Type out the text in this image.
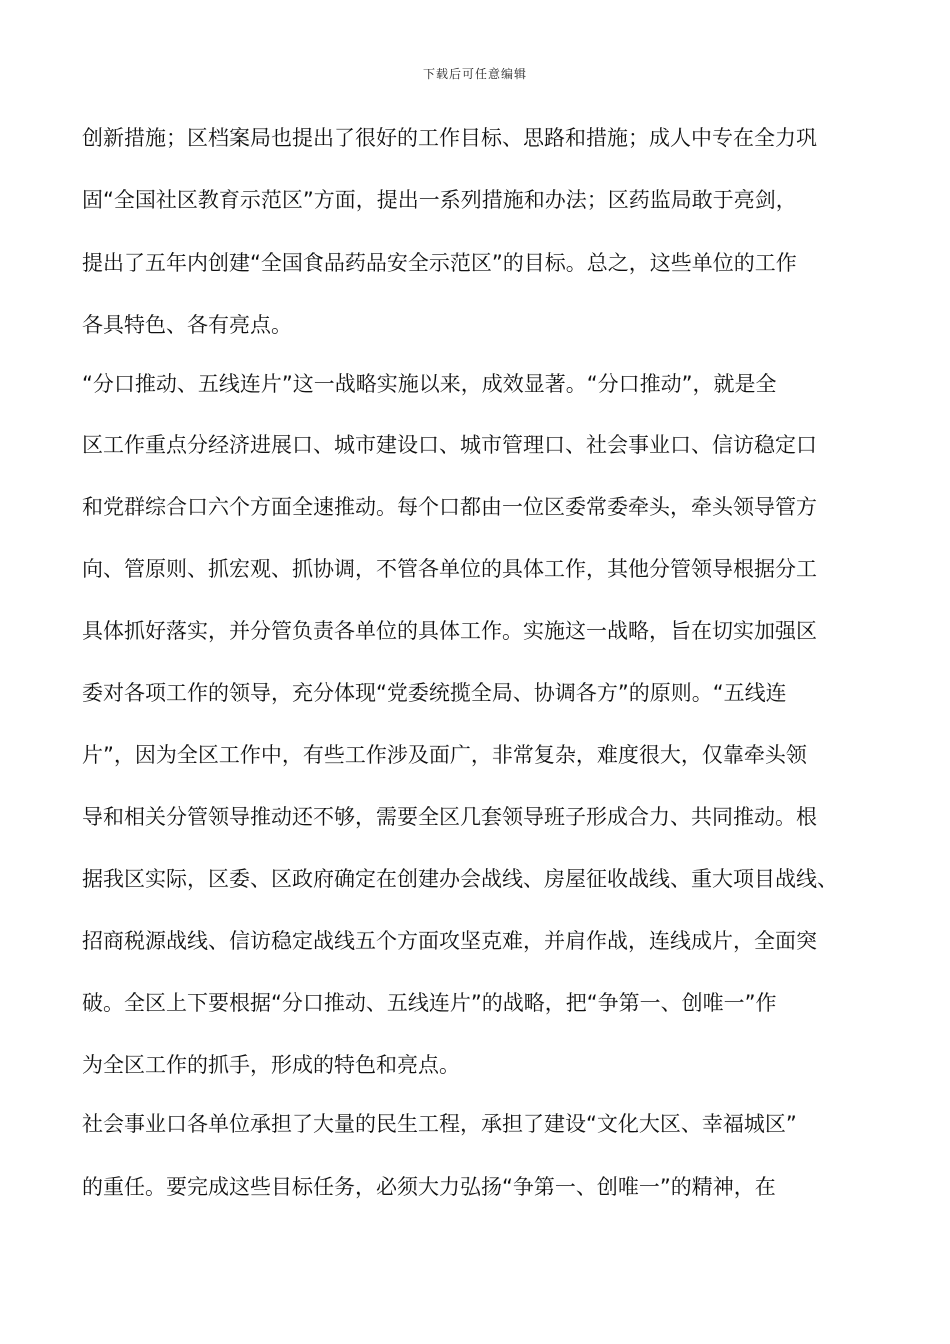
下载后可任意编辑
创新措施；区档案局也提出了很好的工作目标、思路和措施；成人中专在全力巩
固“全国社区教育示范区”方面，提出一系列措施和办法；区药监局敢于亮剑，
提出了五年内创建“全国食品药品安全示范区”的目标。总之，这些单位的工作
各具特色、各有亮点。
“分口推动、五线连片”这一战略实施以来，成效显著。“分口推动”，就是全
区工作重点分经济进展口、城市建设口、城市管理口、社会事业口、信访稳定口
和党群综合口六个方面全速推动。每个口都由一位区委常委牵头，牵头领导管方
向、管原则、抓宏观、抓协调，不管各单位的具体工作，其他分管领导根据分工
具体抓好落实，并分管负责各单位的具体工作。实施这一战略，旨在切实加强区
委对各项工作的领导，充分体现“党委统揽全局、协调各方”的原则。“五线连
片”，因为全区工作中，有些工作涉及面广，非常复杂，难度很大，仅靠牵头领
导和相关分管领导推动还不够，需要全区几套领导班子形成合力、共同推动。根
据我区实际，区委、区政府确定在创建办会战线、房屋征收战线、重大项目战线、
招商税源战线、信访稳定战线五个方面攻坚克难，并肩作战，连线成片，全面突
破。全区上下要根据“分口推动、五线连片”的战略，把“争第一、创唯一”作
为全区工作的抓手，形成的特色和亮点。
社会事业口各单位承担了大量的民生工程，承担了建设“文化大区、幸福城区”
的重任。要完成这些目标任务，必须大力弘扬“争第一、创唯一”的精神，在
